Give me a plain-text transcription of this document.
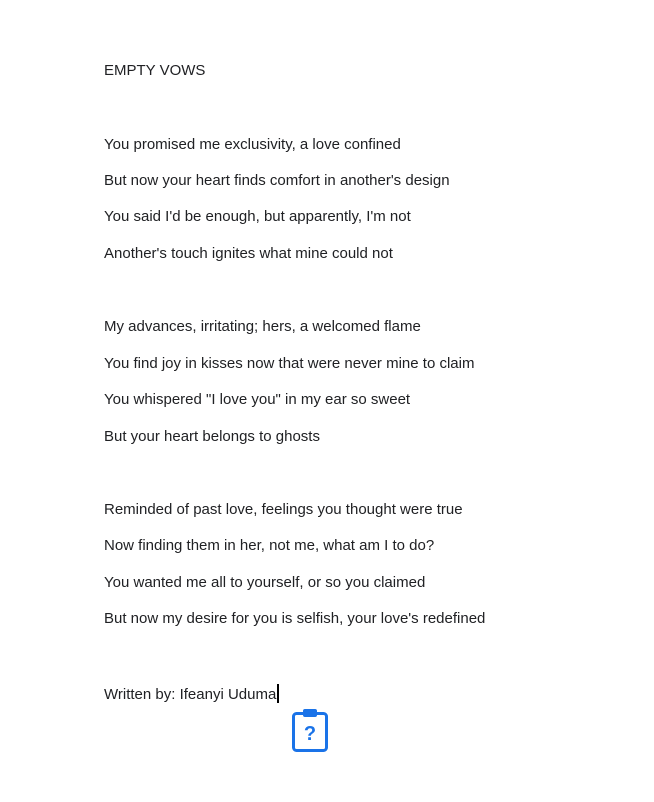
EMPTY VOWS
You promised me exclusivity, a love confined
But now your heart finds comfort in another's design
You said I'd be enough, but apparently, I'm not
Another's touch ignites what mine could not
My advances, irritating; hers, a welcomed flame
You find joy in kisses now that were never mine to claim
You whispered "I love you" in my ear so sweet
But your heart belongs to ghosts
Reminded of past love, feelings you thought were true
Now finding them in her, not me, what am I to do?
You wanted me all to yourself, or so you claimed
But now my desire for you is selfish, your love's redefined
Written by: Ifeanyi Uduma
?
